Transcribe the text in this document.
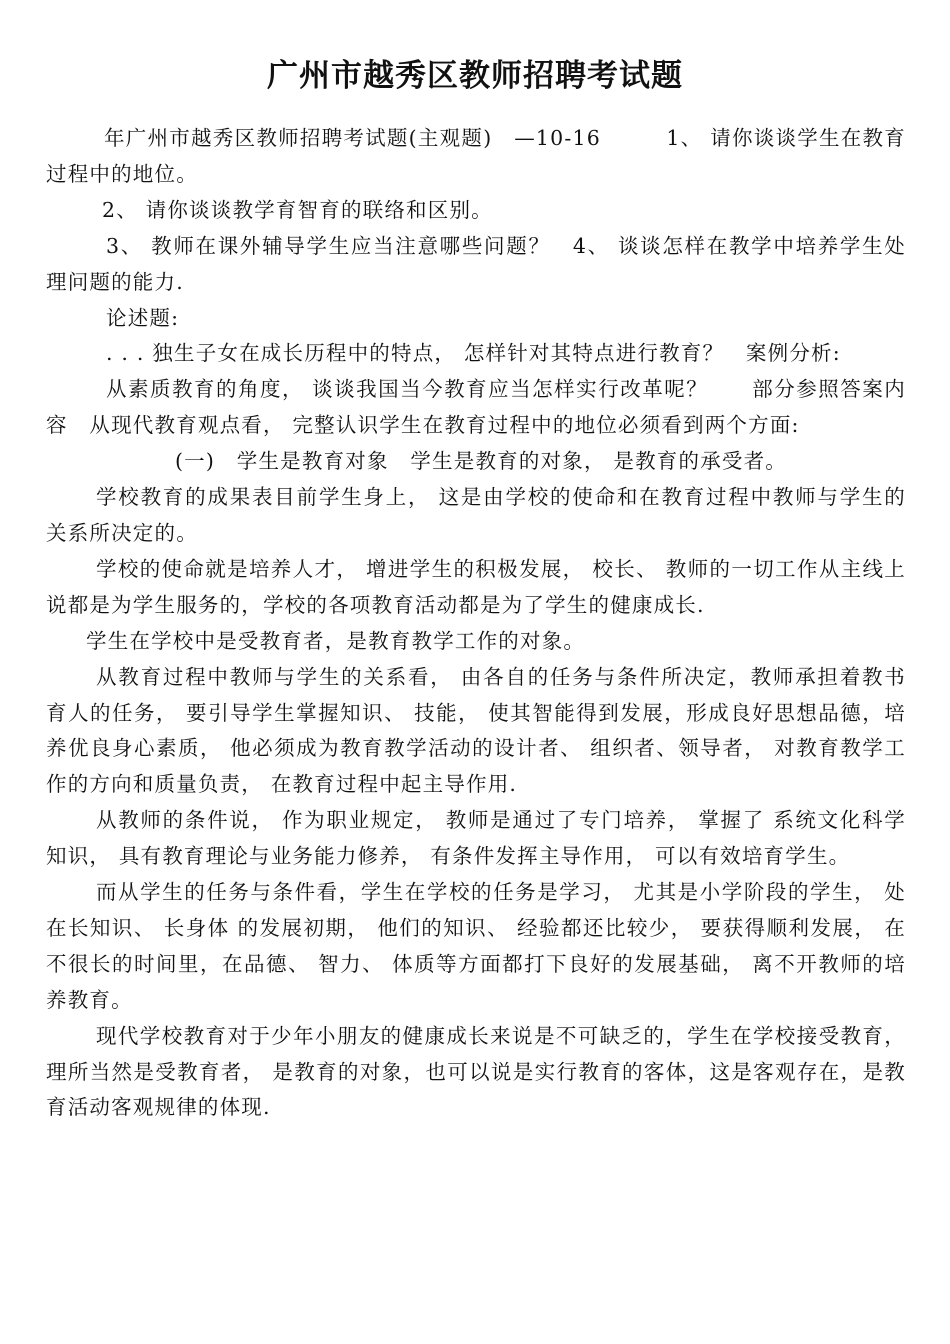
广州市越秀区教师招聘考试题

年广州市越秀区教师招聘考试题(主观题)　—10-16　　　1、 请你谈谈学生在教育过程中的地位。

2、 请你谈谈教学育智育的联络和区别。

3、 教师在课外辅导学生应当注意哪些问题？　4、 谈谈怎样在教学中培养学生处理问题的能力.

论述题:

. . . 独生子女在成长历程中的特点， 怎样针对其特点进行教育？　案例分析:

从素质教育的角度， 谈谈我国当今教育应当怎样实行改革呢？　　部分参照答案内容　从现代教育观点看， 完整认识学生在教育过程中的地位必须看到两个方面:

(一)　学生是教育对象　学生是教育的对象， 是教育的承受者。

学校教育的成果表目前学生身上， 这是由学校的使命和在教育过程中教师与学生的关系所决定的。

学校的使命就是培养人才， 增进学生的积极发展， 校长、 教师的一切工作从主线上说都是为学生服务的，学校的各项教育活动都是为了学生的健康成长.

学生在学校中是受教育者，是教育教学工作的对象。

从教育过程中教师与学生的关系看， 由各自的任务与条件所决定，教师承担着教书育人的任务， 要引导学生掌握知识、 技能， 使其智能得到发展，形成良好思想品德，培养优良身心素质， 他必须成为教育教学活动的设计者、 组织者、领导者， 对教育教学工作的方向和质量负责， 在教育过程中起主导作用.

从教师的条件说， 作为职业规定， 教师是通过了专门培养， 掌握了 系统文化科学知识， 具有教育理论与业务能力修养， 有条件发挥主导作用， 可以有效培育学生。

而从学生的任务与条件看，学生在学校的任务是学习， 尤其是小学阶段的学生， 处在长知识、 长身体 的发展初期， 他们的知识、 经验都还比较少， 要获得顺利发展， 在不很长的时间里，在品德、 智力、 体质等方面都打下良好的发展基础， 离不开教师的培养教育。

现代学校教育对于少年小朋友的健康成长来说是不可缺乏的，学生在学校接受教育， 理所当然是受教育者， 是教育的对象，也可以说是实行教育的客体，这是客观存在，是教育活动客观规律的体现.
